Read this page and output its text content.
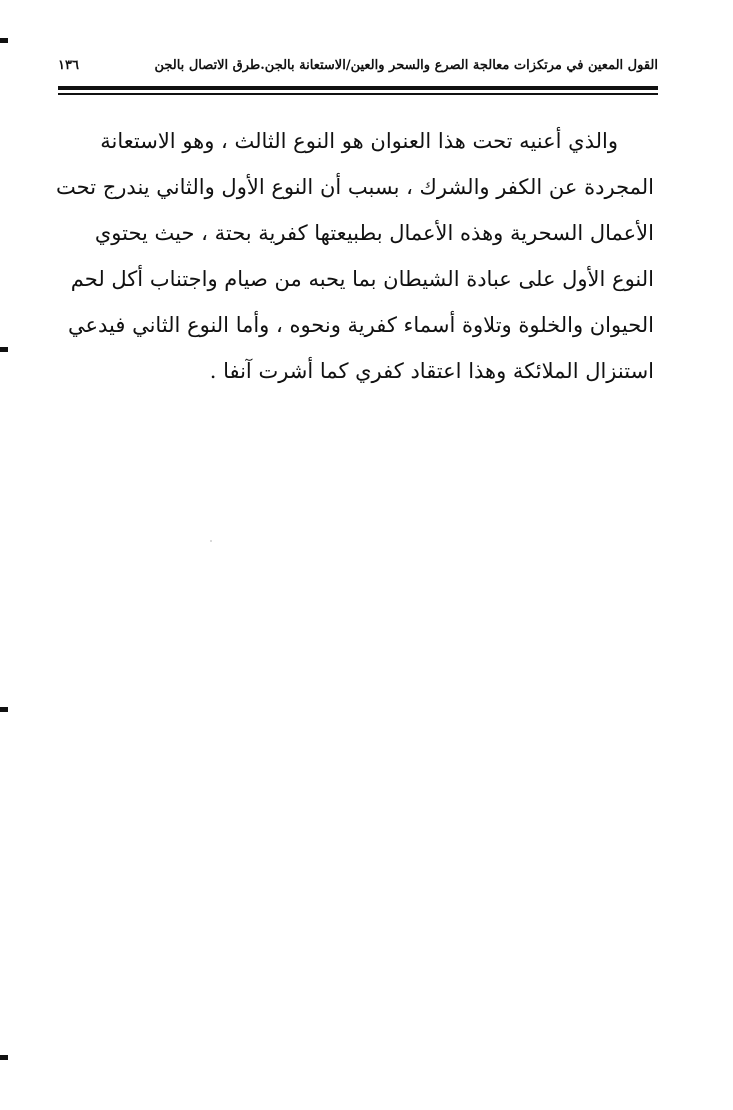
القول المعين في مرتكزات معالجة الصرع والسحر والعين/الاستعانة بالجن.طرق الاتصال بالجن
١٣٦
والذي أعنيه تحت هذا العنوان هو النوع الثالث ، وهو الاستعانة
المجردة عن الكفر والشرك ، بسبب أن النوع الأول والثاني يندرج تحت
الأعمال السحرية وهذه الأعمال بطبيعتها كفرية بحتة ، حيث يحتوي
النوع الأول على عبادة الشيطان بما يحبه من صيام واجتناب أكل لحم
الحيوان والخلوة وتلاوة أسماء كفرية ونحوه ، وأما النوع الثاني فيدعي
استنزال الملائكة وهذا اعتقاد كفري كما أشرت آنفا .
